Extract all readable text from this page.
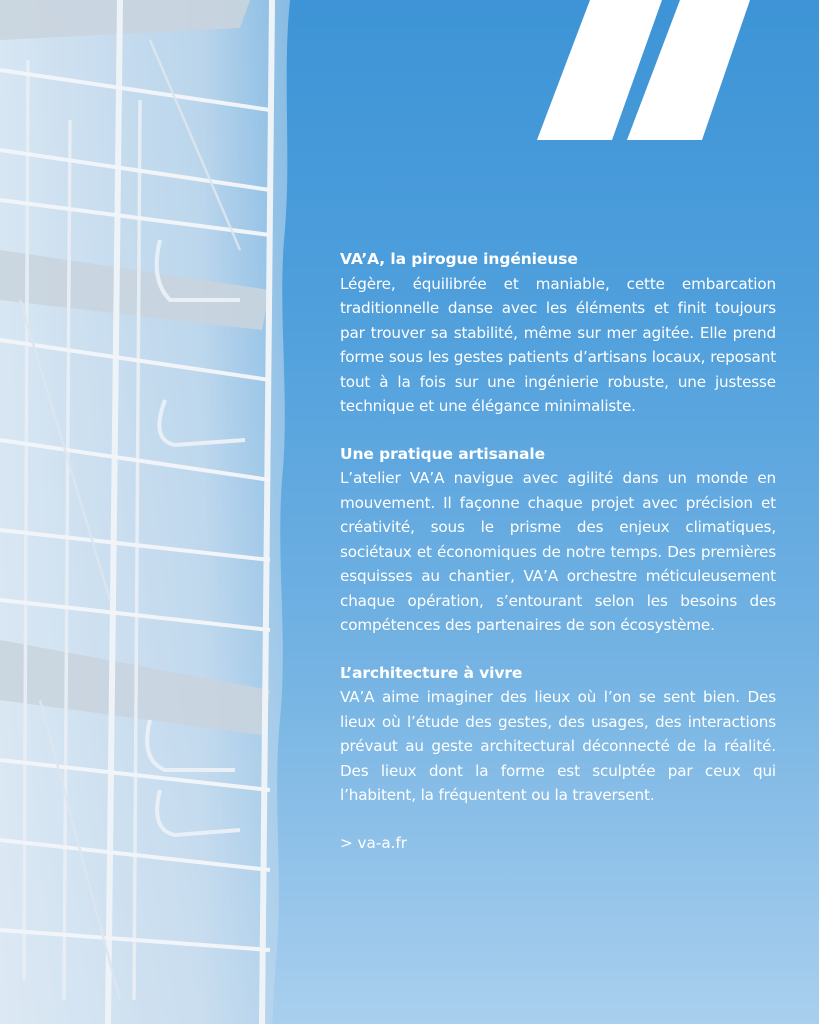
VA’A, la pirogue ingénieuse

Légère, équilibrée et maniable, cette embarcation traditionnelle danse avec les éléments et finit toujours par trouver sa stabilité, même sur mer agitée. Elle prend forme sous les gestes patients d’artisans locaux, reposant tout à la fois sur une ingénierie robuste, une justesse technique et une élégance minimaliste.

Une pratique artisanale

L’atelier VA’A navigue avec agilité dans un monde en mouvement. Il façonne chaque projet avec précision et créativité, sous le prisme des enjeux climatiques, sociétaux et économiques de notre temps. Des premières esquisses au chantier, VA’A orchestre méticuleusement chaque opération, s’entourant selon les besoins des compétences des partenaires de son écosystème.

L’architecture à vivre

VA’A aime imaginer des lieux où l’on se sent bien. Des lieux où l’étude des gestes, des usages, des interactions prévaut au geste architectural déconnecté de la réalité. Des lieux dont la forme est sculptée par ceux qui l’habitent, la fréquentent ou la traversent.

> va-a.fr
